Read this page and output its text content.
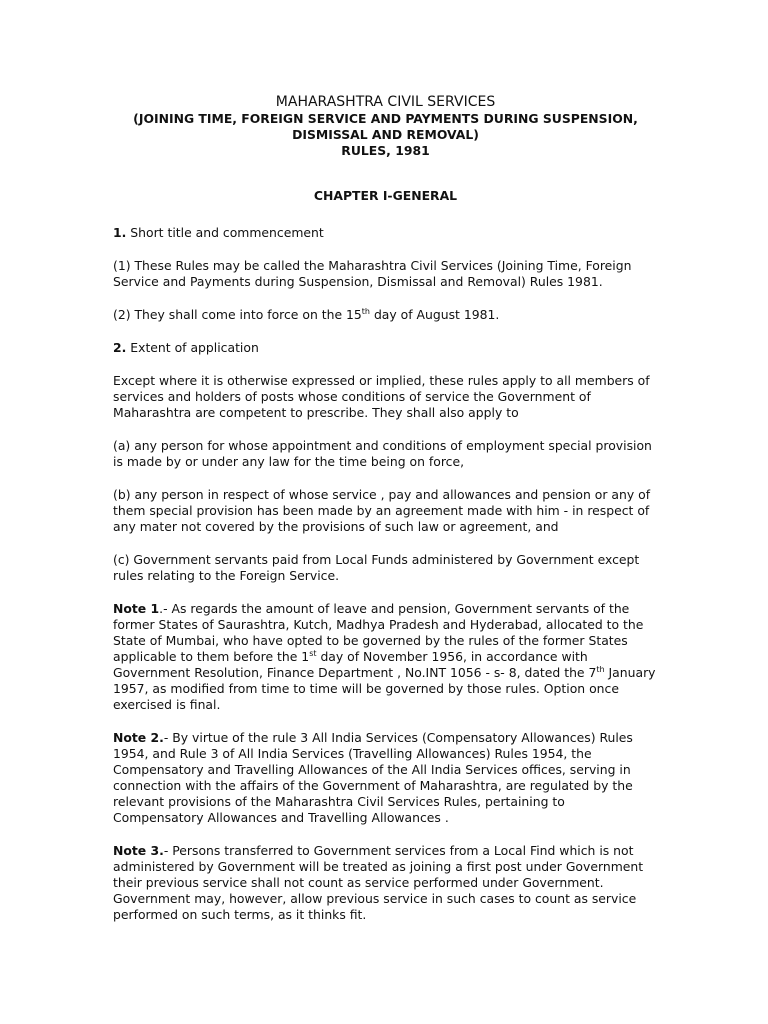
MAHARASHTRA CIVIL SERVICES
(JOINING TIME, FOREIGN SERVICE AND PAYMENTS DURING SUSPENSION,
DISMISSAL AND REMOVAL)
RULES, 1981
CHAPTER I-GENERAL

1. Short title and commencement

(1) These Rules may be called the Maharashtra Civil Services (Joining Time, Foreign Service and Payments during Suspension, Dismissal and Removal) Rules 1981.

(2) They shall come into force on the 15th day of August 1981.

2. Extent of application

Except where it is otherwise expressed or implied, these rules apply to all members of services and holders of posts whose conditions of service the Government of Maharashtra are competent to prescribe. They shall also apply to

(a) any person for whose appointment and conditions of employment special provision is made by or under any law for the time being on force,

(b) any person in respect of whose service , pay and allowances and pension or any of them special provision has been made by an agreement made with him - in respect of any mater not covered by the provisions of such law or agreement, and

(c) Government servants paid from Local Funds administered by Government except rules relating to the Foreign Service.

Note 1.- As regards the amount of leave and pension, Government servants of the former States of Saurashtra, Kutch, Madhya Pradesh and Hyderabad, allocated to the State of Mumbai, who have opted to be governed by the rules of the former States applicable to them before the 1st day of November 1956, in accordance with Government Resolution, Finance Department , No.INT 1056 - s- 8, dated the 7th January 1957, as modified from time to time will be governed by those rules. Option once exercised is final.

Note 2.- By virtue of the rule 3 All India Services (Compensatory Allowances) Rules 1954, and Rule 3 of All India Services (Travelling Allowances) Rules 1954, the Compensatory and Travelling Allowances of the All India Services offices, serving in connection with the affairs of the Government of Maharashtra, are regulated by the relevant provisions of the Maharashtra Civil Services Rules, pertaining to Compensatory Allowances and Travelling Allowances .

Note 3.- Persons transferred to Government services from a Local Find which is not administered by Government will be treated as joining a first post under Government their previous service shall not count as service performed under Government. Government may, however, allow previous service in such cases to count as service performed on such terms, as it thinks fit.
